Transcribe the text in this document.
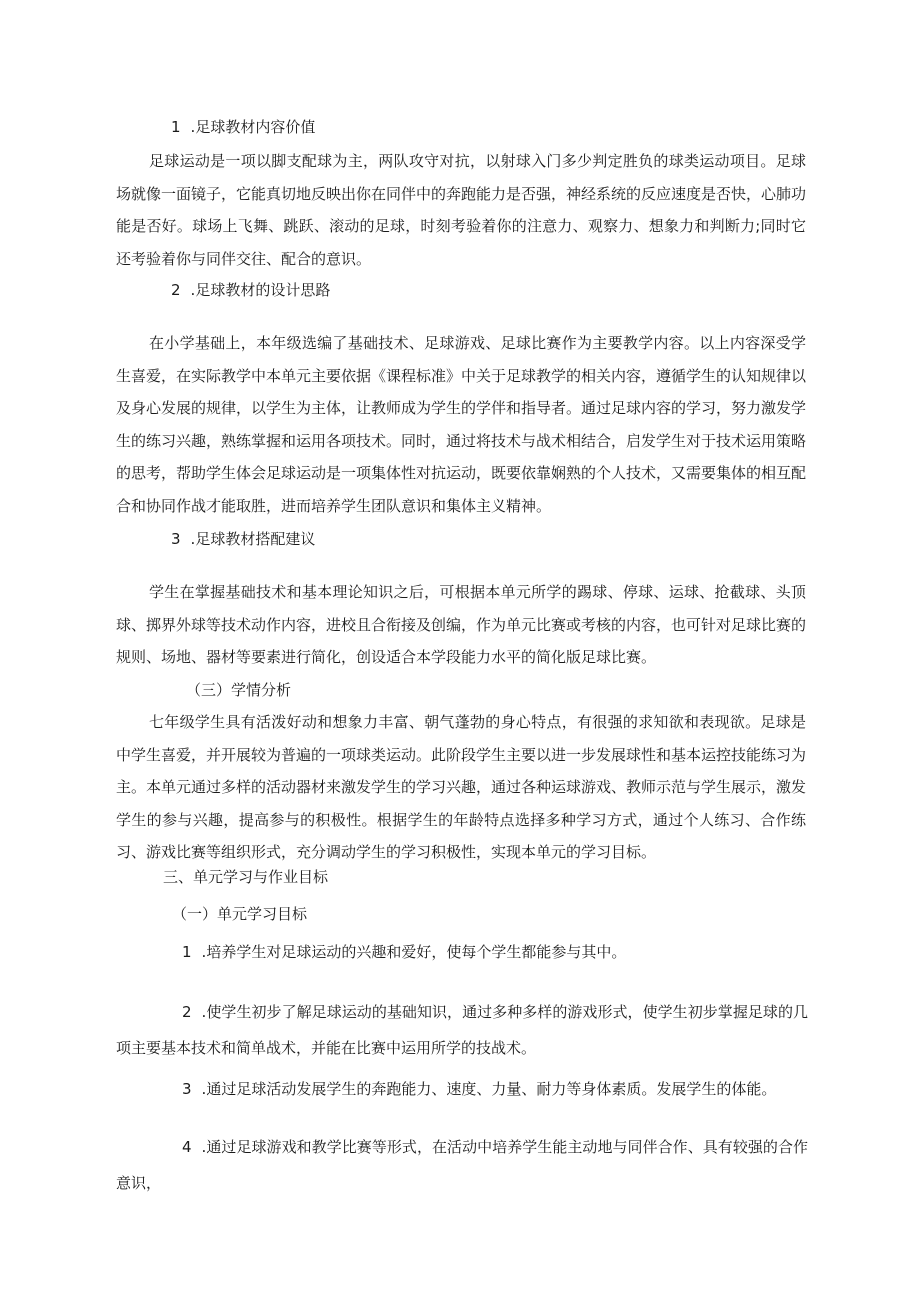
1 .足球教材内容价值

足球运动是一项以脚支配球为主，两队攻守对抗，以射球入门多少判定胜负的球类运动项目。足球场就像一面镜子，它能真切地反映出你在同伴中的奔跑能力是否强，神经系统的反应速度是否快，心肺功能是否好。球场上飞舞、跳跃、滚动的足球，时刻考验着你的注意力、观察力、想象力和判断力;同时它还考验着你与同伴交往、配合的意识。

2 .足球教材的设计思路

在小学基础上，本年级选编了基础技术、足球游戏、足球比赛作为主要教学内容。以上内容深受学生喜爱，在实际教学中本单元主要依据《课程标准》中关于足球教学的相关内容，遵循学生的认知规律以及身心发展的规律，以学生为主体，让教师成为学生的学伴和指导者。通过足球内容的学习，努力激发学生的练习兴趣，熟练掌握和运用各项技术。同时，通过将技术与战术相结合，启发学生对于技术运用策略的思考，帮助学生体会足球运动是一项集体性对抗运动，既要依靠娴熟的个人技术，又需要集体的相互配合和协同作战才能取胜，进而培养学生团队意识和集体主义精神。

3 .足球教材搭配建议

学生在掌握基础技术和基本理论知识之后，可根据本单元所学的踢球、停球、运球、抢截球、头顶球、掷界外球等技术动作内容，进校且合衔接及创编，作为单元比赛或考核的内容，也可针对足球比赛的规则、场地、器材等要素进行简化，创设适合本学段能力水平的简化版足球比赛。

（三）学情分析

七年级学生具有活泼好动和想象力丰富、朝气蓬勃的身心特点，有很强的求知欲和表现欲。足球是中学生喜爱，并开展较为普遍的一项球类运动。此阶段学生主要以进一步发展球性和基本运控技能练习为主。本单元通过多样的活动器材来激发学生的学习兴趣，通过各种运球游戏、教师示范与学生展示，激发学生的参与兴趣，提高参与的积极性。根据学生的年龄特点选择多种学习方式，通过个人练习、合作练习、游戏比赛等组织形式，充分调动学生的学习积极性，实现本单元的学习目标。

三、单元学习与作业目标

（一）单元学习目标

1 .培养学生对足球运动的兴趣和爱好，使每个学生都能参与其中。

2 .使学生初步了解足球运动的基础知识，通过多种多样的游戏形式，使学生初步掌握足球的几项主要基本技术和简单战术，并能在比赛中运用所学的技战术。

3 .通过足球活动发展学生的奔跑能力、速度、力量、耐力等身体素质。发展学生的体能。

4 .通过足球游戏和教学比赛等形式，在活动中培养学生能主动地与同伴合作、具有较强的合作意识，
